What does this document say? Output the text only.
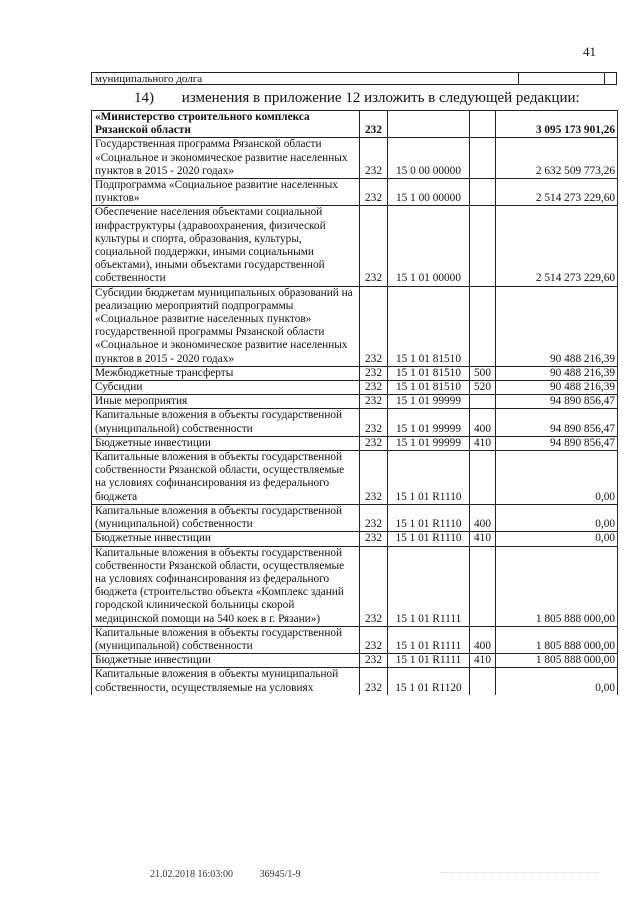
41
муниципального долга
14) изменения в приложение 12 изложить в следующей редакции:
«Министерство строительного комплекса Рязанской области	232			3 095 173 901,26
Государственная программа Рязанской области «Социальное и экономическое развитие населенных пунктов в 2015 - 2020 годах»	232	15 0 00 00000		2 632 509 773,26
Подпрограмма «Социальное развитие населенных пунктов»	232	15 1 00 00000		2 514 273 229,60
Обеспечение населения объектами социальной инфраструктуры (здравоохранения, физической культуры и спорта, образования, культуры, социальной поддержки, иными социальными объектами), иными объектами государственной собственности	232	15 1 01 00000		2 514 273 229,60
Субсидии бюджетам муниципальных образований на реализацию мероприятий подпрограммы «Социальное развитие населенных пунктов» государственной программы Рязанской области «Социальное и экономическое развитие населенных пунктов в 2015 - 2020 годах»	232	15 1 01 81510		90 488 216,39
Межбюджетные трансферты	232	15 1 01 81510	500	90 488 216,39
Субсидии	232	15 1 01 81510	520	90 488 216,39
Иные мероприятия	232	15 1 01 99999		94 890 856,47
Капитальные вложения в объекты государственной (муниципальной) собственности	232	15 1 01 99999	400	94 890 856,47
Бюджетные инвестиции	232	15 1 01 99999	410	94 890 856,47
Капитальные вложения в объекты государственной собственности Рязанской области, осуществляемые на условиях софинансирования из федерального бюджета	232	15 1 01 R1110		0,00
Капитальные вложения в объекты государственной (муниципальной) собственности	232	15 1 01 R1110	400	0,00
Бюджетные инвестиции	232	15 1 01 R1110	410	0,00
Капитальные вложения в объекты государственной собственности Рязанской области, осуществляемые на условиях софинансирования из федерального бюджета (строительство объекта «Комплекс зданий городской клинической больницы скорой медицинской помощи на 540 коек в г. Рязани»)	232	15 1 01 R1111		1 805 888 000,00
Капитальные вложения в объекты государственной (муниципальной) собственности	232	15 1 01 R1111	400	1 805 888 000,00
Бюджетные инвестиции	232	15 1 01 R1111	410	1 805 888 000,00
Капитальные вложения в объекты муниципальной собственности, осуществляемые на условиях	232	15 1 01 R1120		0,00
21.02.2018 16:03:00	36945/1-9
